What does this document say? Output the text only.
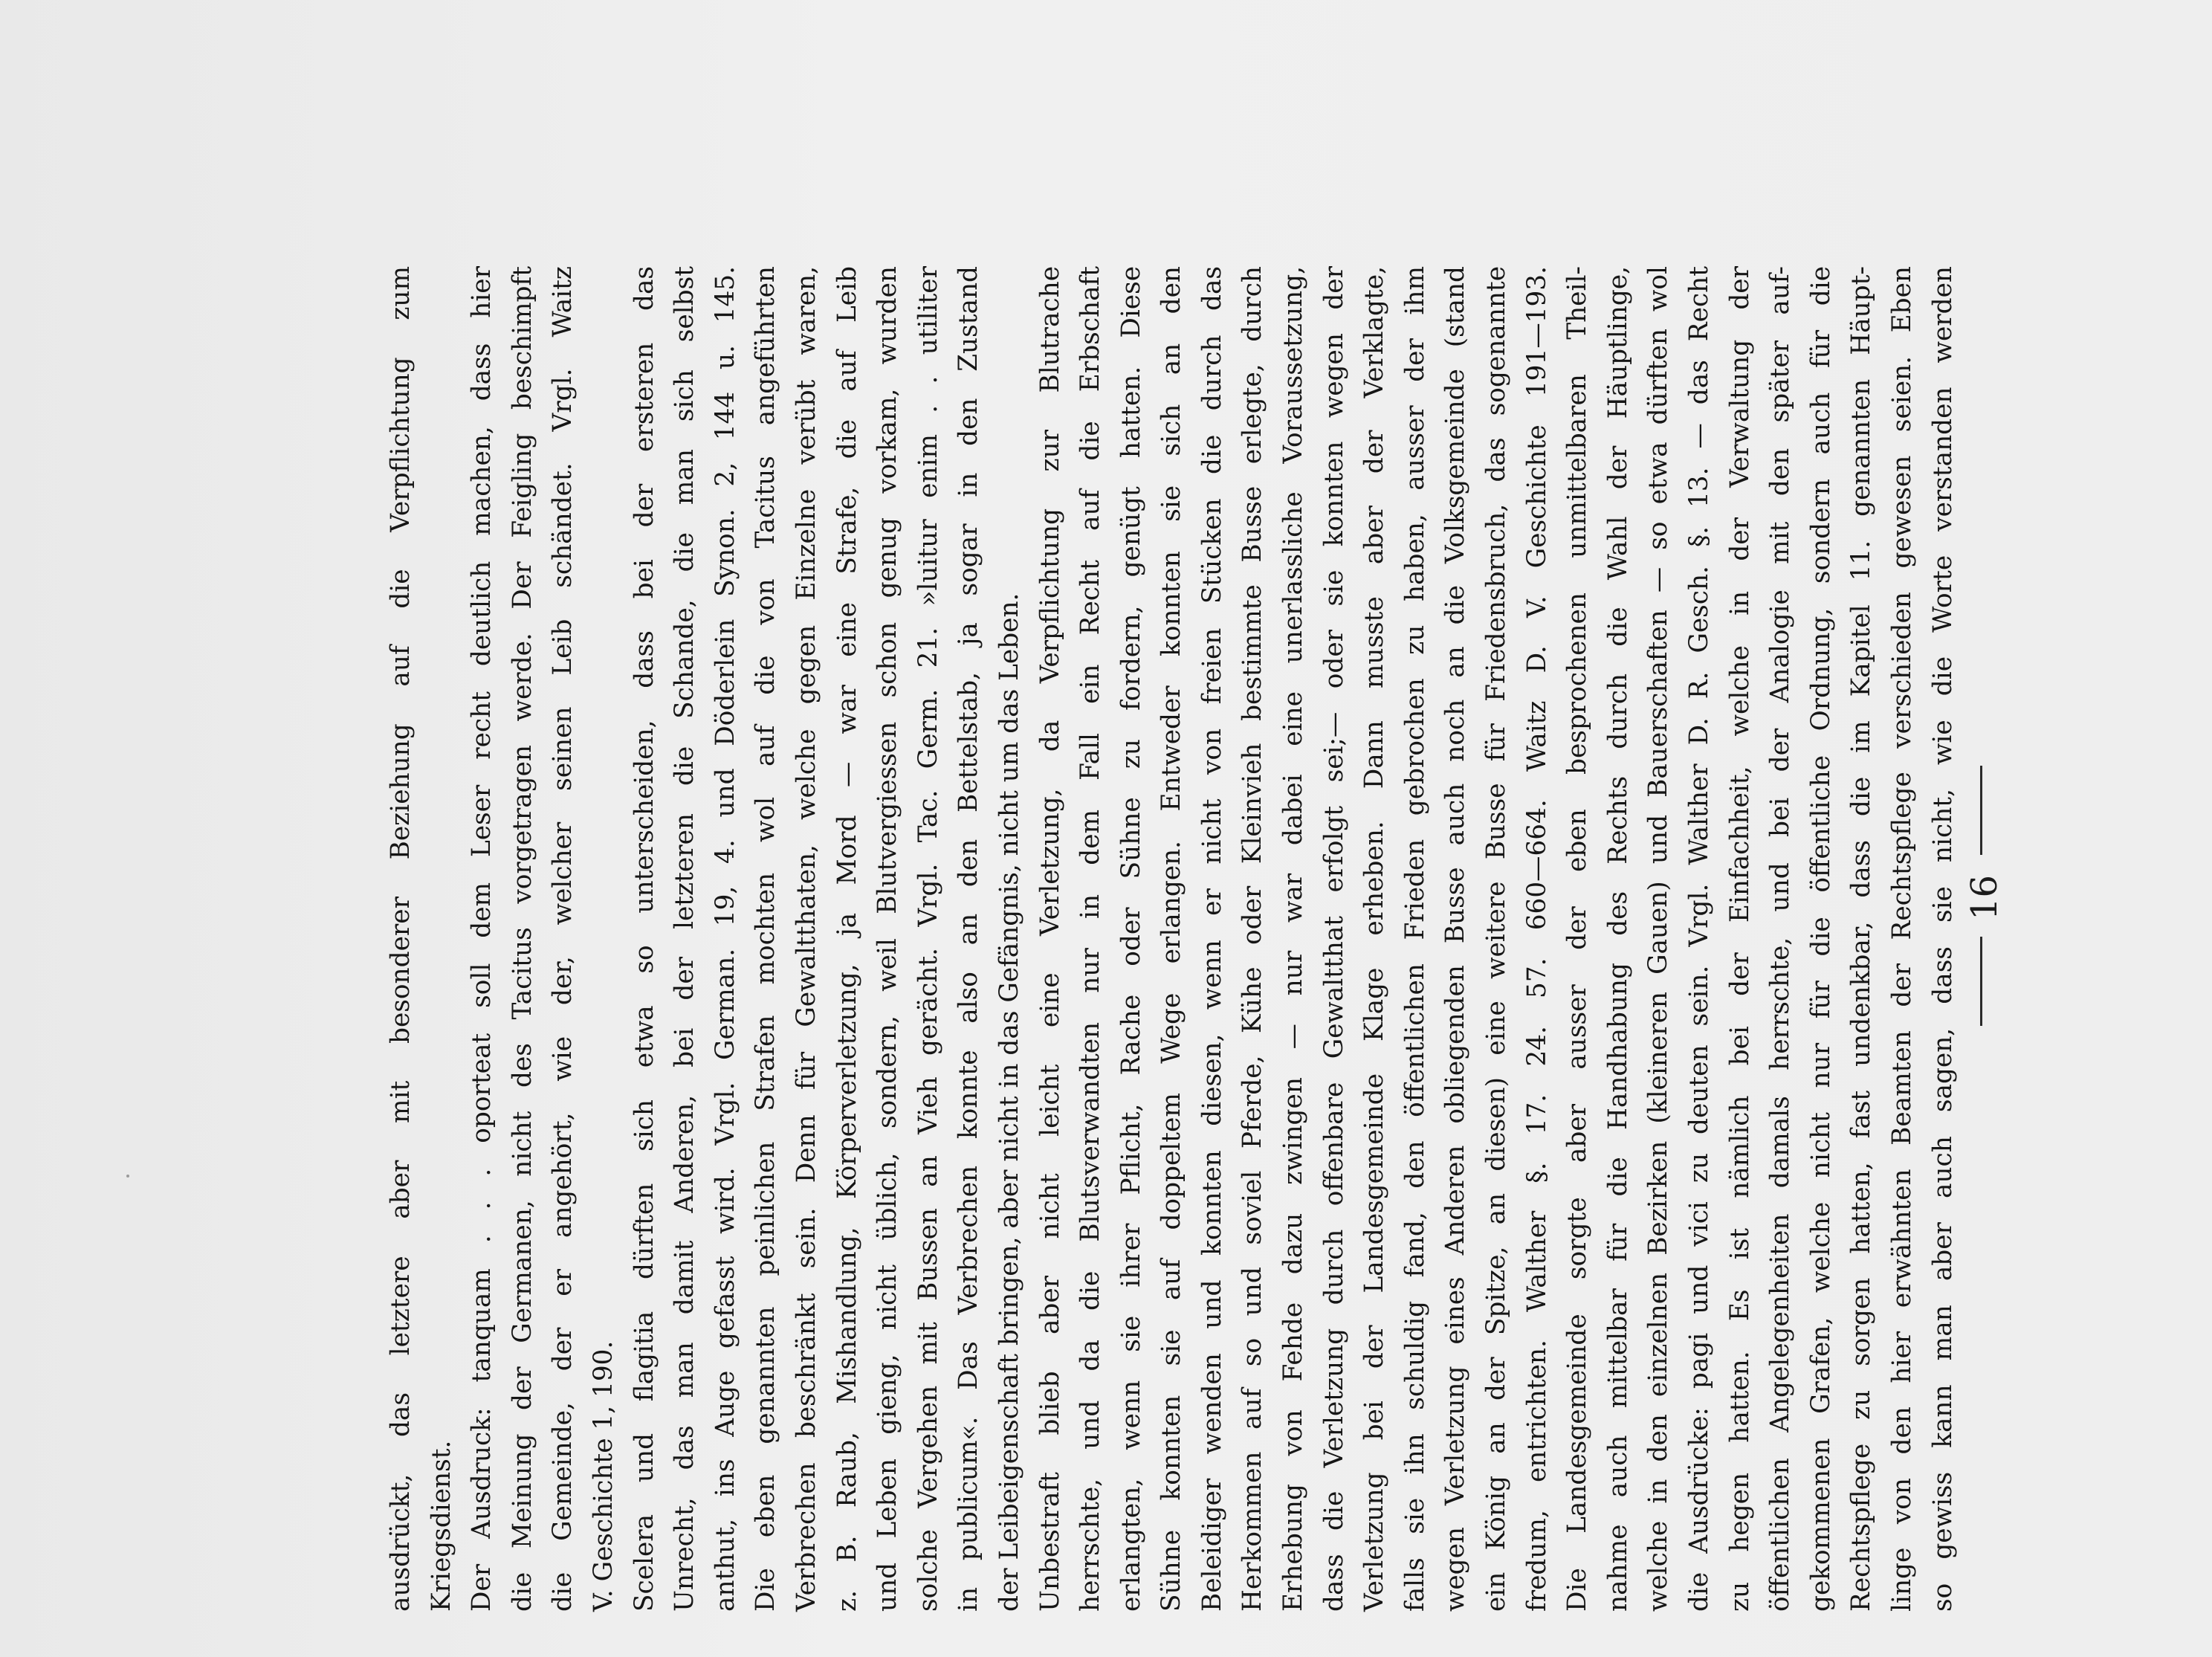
16
ausdrückt, das letztere aber mit besonderer Beziehung auf die Verpflichtung zum Kriegsdienst. Der Ausdruck: tanquam . . . oporteat soll dem Leser recht deutlich machen, dass hier die Meinung der Germanen, nicht des Tacitus vorgetragen werde. Der Feigling beschimpft die Gemeinde, der er angehört, wie der, welcher seinen Leib schändet. Vrgl. Waitz V. Geschichte 1, 190. Scelera und flagitia dürften sich etwa so unterscheiden, dass bei der ersteren das Unrecht, das man damit Anderen, bei der letzteren die Schande, die man sich selbst anthut, ins Auge gefasst wird. Vrgl. German. 19, 4. und Döderlein Synon. 2, 144 u. 145. Die eben genannten peinlichen Strafen mochten wol auf die von Tacitus angeführten Verbrechen beschränkt sein. Denn für Gewaltthaten, welche gegen Einzelne verübt waren, z. B. Raub, Mishandlung, Körperverletzung, ja Mord — war eine Strafe, die auf Leib und Leben gieng, nicht üblich, sondern, weil Blutvergiessen schon genug vorkam, wurden solche Vergehen mit Bussen an Vieh gerächt. Vrgl. Tac. Germ. 21. »luitur enim . . utiliter in publicum«. Das Verbrechen konnte also an den Bettelstab, ja sogar in den Zustand der Leibeigenschaft bringen, aber nicht in das Gefängnis, nicht um das Leben. Unbestraft blieb aber nicht leicht eine Verletzung, da Verpflichtung zur Blutrache herrschte, und da die Blutsverwandten nur in dem Fall ein Recht auf die Erbschaft erlangten, wenn sie ihrer Pflicht, Rache oder Sühne zu fordern, genügt hatten. Diese Sühne konnten sie auf doppeltem Wege erlangen. Entweder konnten sie sich an den Beleidiger wenden und konnten diesen, wenn er nicht von freien Stücken die durch das Herkommen auf so und soviel Pferde, Kühe oder Kleinvieh bestimmte Busse erlegte, durch Erhebung von Fehde dazu zwingen — nur war dabei eine unerlassliche Voraussetzung, dass die Verletzung durch offenbare Gewaltthat erfolgt sei;— oder sie konnten wegen der Verletzung bei der Landesgemeinde Klage erheben. Dann musste aber der Verklagte, falls sie ihn schuldig fand, den öffentlichen Frieden gebrochen zu haben, ausser der ihm wegen Verletzung eines Anderen obliegenden Busse auch noch an die Volksgemeinde (stand ein König an der Spitze, an diesen) eine weitere Busse für Friedensbruch, das sogenannte fredum, entrichten. Walther §. 17. 24. 57. 660—664. Waitz D. V. Geschichte 191—193. Die Landesgemeinde sorgte aber ausser der eben besprochenen unmittelbaren Theil- nahme auch mittelbar für die Handhabung des Rechts durch die Wahl der Häuptlinge, welche in den einzelnen Bezirken (kleineren Gauen) und Bauerschaften — so etwa dürften wol die Ausdrücke: pagi und vici zu deuten sein. Vrgl. Walther D. R. Gesch. §. 13. — das Recht zu hegen hatten. Es ist nämlich bei der Einfachheit, welche in der Verwaltung der öffentlichen Angelegenheiten damals herrschte, und bei der Analogie mit den später auf- gekommenen Grafen, welche nicht nur für die öffentliche Ordnung, sondern auch für die Rechtspflege zu sorgen hatten, fast undenkbar, dass die im Kapitel 11. genannten Häupt- linge von den hier erwähnten Beamten der Rechtspflege verschieden gewesen seien. Eben so gewiss kann man aber auch sagen, dass sie nicht, wie die Worte verstanden werden
